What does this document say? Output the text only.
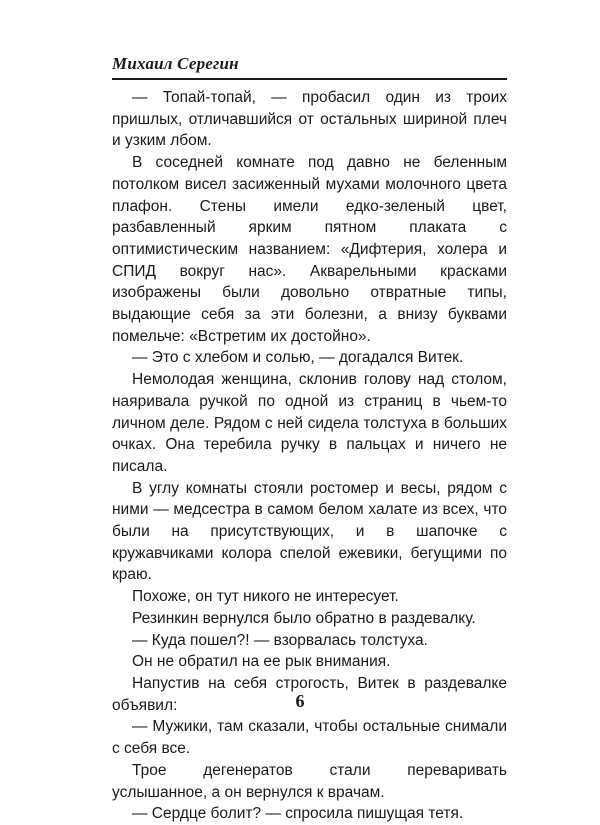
Михаил Серегин

— Топай-топай, — пробасил один из троих пришлых, отличавшийся от остальных шириной плеч и узким лбом.

В соседней комнате под давно не беленным потолком висел засиженный мухами молочного цвета плафон. Стены имели едко-зеленый цвет, разбавленный ярким пятном плаката с оптимистическим названием: «Дифтерия, холера и СПИД вокруг нас». Акварельными красками изображены были довольно отвратные типы, выдающие себя за эти болезни, а внизу буквами помельче: «Встретим их достойно».

— Это с хлебом и солью, — догадался Витек.

Немолодая женщина, склонив голову над столом, наяривала ручкой по одной из страниц в чьем-то личном деле. Рядом с ней сидела толстуха в больших очках. Она теребила ручку в пальцах и ничего не писала.

В углу комнаты стояли ростомер и весы, рядом с ними — медсестра в самом белом халате из всех, что были на присутствующих, и в шапочке с кружавчиками колора спелой ежевики, бегущими по краю.

Похоже, он тут никого не интересует.

Резинкин вернулся было обратно в раздевалку.

— Куда пошел?! — взорвалась толстуха.

Он не обратил на ее рык внимания.

Напустив на себя строгость, Витек в раздевалке объявил:

— Мужики, там сказали, чтобы остальные снимали с себя все.

Трое дегенератов стали переваривать услышанное, а он вернулся к врачам.

— Сердце болит? — спросила пишущая тетя.

6
